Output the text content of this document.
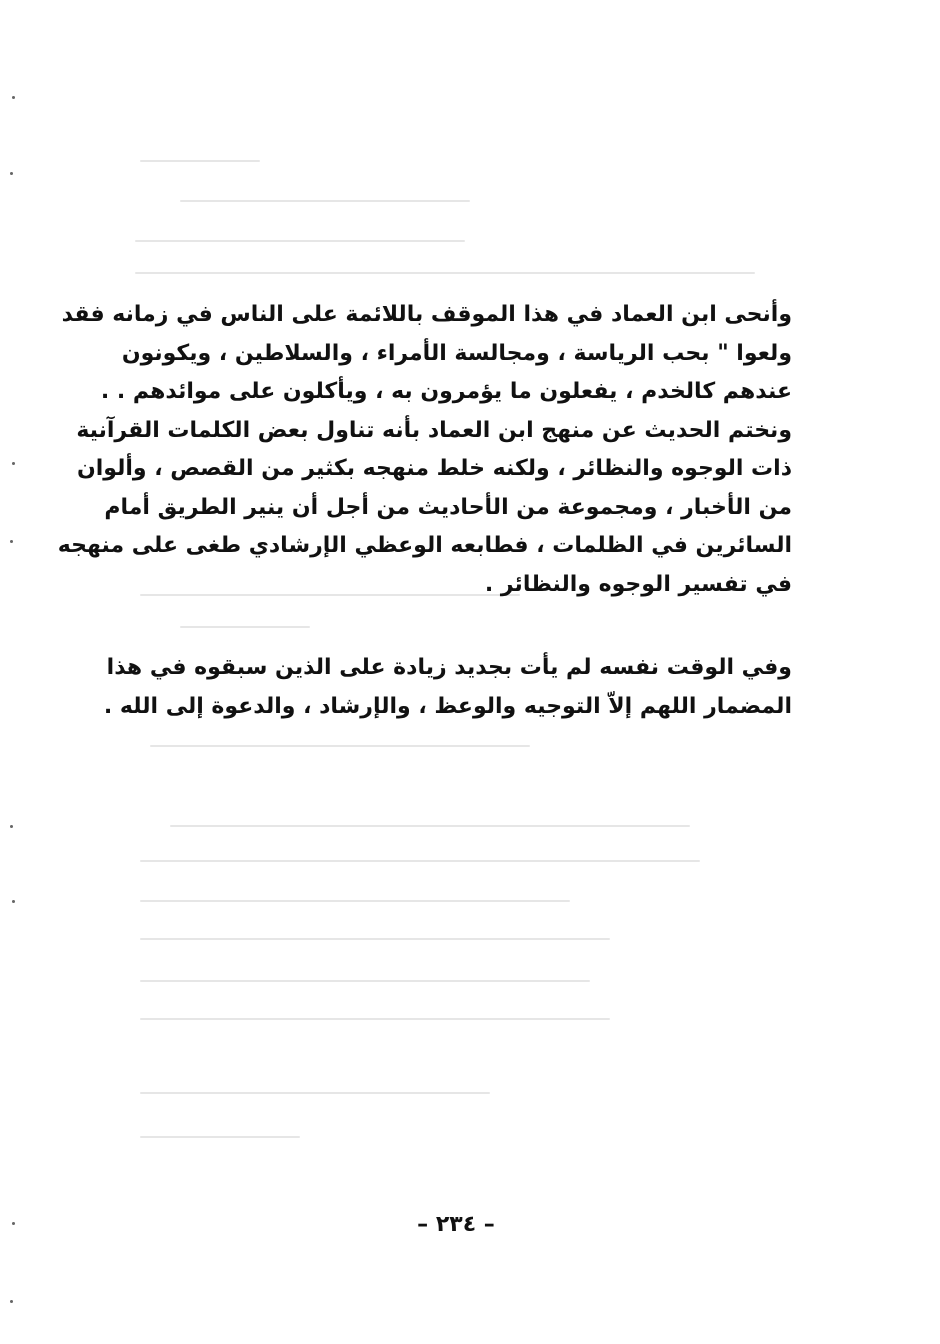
وأنحى ابن العماد في هذا الموقف باللائمة على الناس في زمانه فقد
ولعوا " بحب الرياسة ، ومجالسة الأمراء ، والسلاطين ، ويكونون
عندهم كالخدم ، يفعلون ما يؤمرون به ، ويأكلون على موائدهم . .
ونختم الحديث عن منهج ابن العماد بأنه تناول بعض الكلمات القرآنية
ذات الوجوه والنظائر ، ولكنه خلط منهجه بكثير من القصص ، وألوان
من الأخبار ، ومجموعة من الأحاديث من أجل أن ينير الطريق أمام
السائرين في الظلمات ، فطابعه الوعظي الإرشادي طغى على منهجه
في تفسير الوجوه والنظائر .
وفي الوقت نفسه لم يأت بجديد زيادة على الذين سبقوه في هذا
المضمار اللهم إلاّ التوجيه والوعظ ، والإرشاد ، والدعوة إلى الله .
– ٢٣٤ –
